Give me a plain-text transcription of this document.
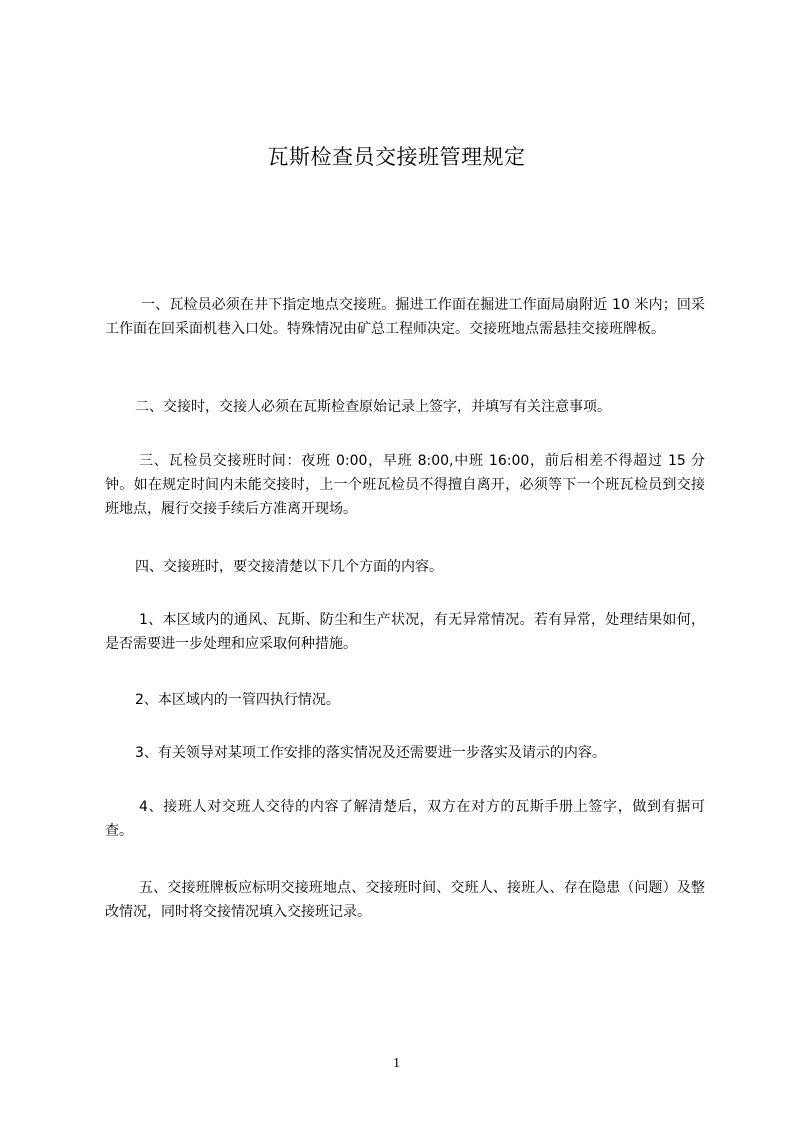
瓦斯检查员交接班管理规定
一、瓦检员必须在井下指定地点交接班。掘进工作面在掘进工作面局扇附近 10 米内；回采工作面在回采面机巷入口处。特殊情况由矿总工程师决定。交接班地点需悬挂交接班牌板。
二、交接时，交接人必须在瓦斯检查原始记录上签字，并填写有关注意事项。
三、瓦检员交接班时间：夜班 0:00，早班 8:00,中班 16:00，前后相差不得超过 15 分钟。如在规定时间内未能交接时，上一个班瓦检员不得擅自离开，必须等下一个班瓦检员到交接班地点，履行交接手续后方准离开现场。
四、交接班时，要交接清楚以下几个方面的内容。
1、本区域内的通风、瓦斯、防尘和生产状况，有无异常情况。若有异常，处理结果如何，是否需要进一步处理和应采取何种措施。
2、本区域内的一管四执行情况。
3、有关领导对某项工作安排的落实情况及还需要进一步落实及请示的内容。
4、接班人对交班人交待的内容了解清楚后，双方在对方的瓦斯手册上签字，做到有据可查。
五、交接班牌板应标明交接班地点、交接班时间、交班人、接班人、存在隐患（问题）及整改情况，同时将交接情况填入交接班记录。
1
